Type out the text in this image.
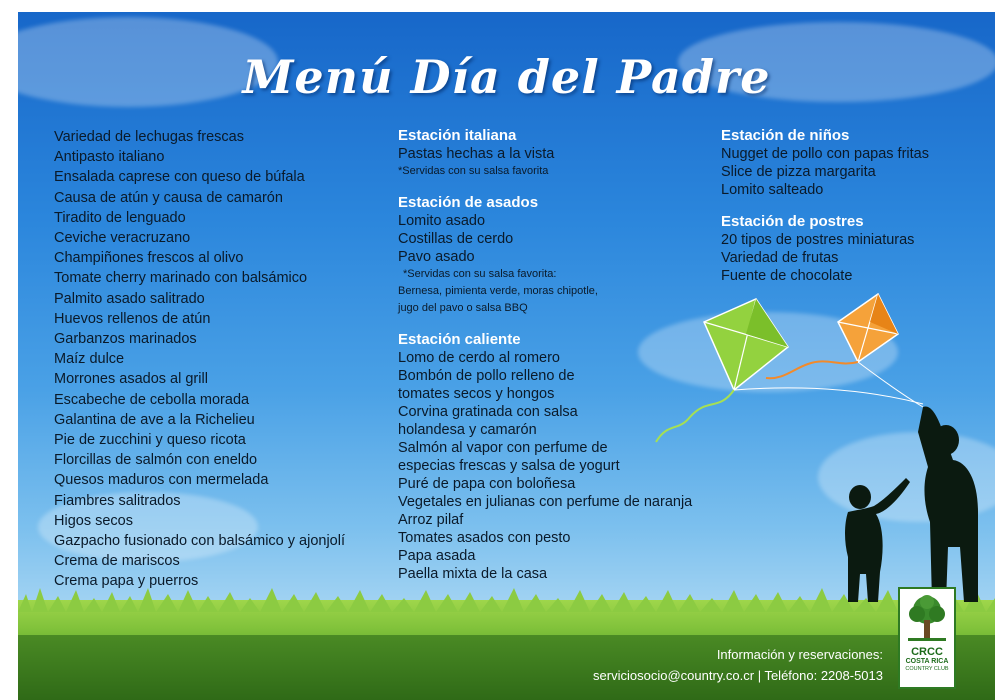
Menú Día del Padre
Variedad de lechugas frescas
Antipasto italiano
Ensalada caprese con queso de búfala
Causa de atún y causa de camarón
Tiradito de lenguado
Ceviche veracruzano
Champiñones frescos al olivo
Tomate cherry marinado con balsámico
Palmito asado salitrado
Huevos rellenos de atún
Garbanzos marinados
Maíz dulce
Morrones asados al grill
Escabeche de cebolla morada
Galantina de ave a la Richelieu
Pie de zucchini y queso ricota
Florcillas de salmón con eneldo
Quesos maduros con mermelada
Fiambres salitrados
Higos secos
Gazpacho fusionado con balsámico y ajonjolí
Crema de mariscos
Crema papa y puerros
Estación italiana
Pastas hechas a la vista
*Servidas con su salsa favorita
Estación de asados
Lomito asado
Costillas de cerdo
Pavo asado
*Servidas con su salsa favorita:
Bernesa, pimienta verde, moras chipotle,
jugo del pavo o salsa BBQ
Estación caliente
Lomo de cerdo al romero
Bombón de pollo relleno de
tomates secos y hongos
Corvina gratinada con salsa
holandesa y camarón
Salmón al vapor con perfume de
especias frescas y salsa de yogurt
Puré de papa con boloñesa
Vegetales en julianas con perfume de naranja
Arroz pilaf
Tomates asados con pesto
Papa asada
Paella mixta de la casa
Estación de niños
Nugget de pollo con papas fritas
Slice de pizza margarita
Lomito salteado
Estación de postres
20 tipos de postres miniaturas
Variedad de frutas
Fuente de chocolate
Información y reservaciones:
serviciosocio@country.co.cr | Teléfono: 2208-5013
CRCC
COSTA RICA
COUNTRY CLUB
